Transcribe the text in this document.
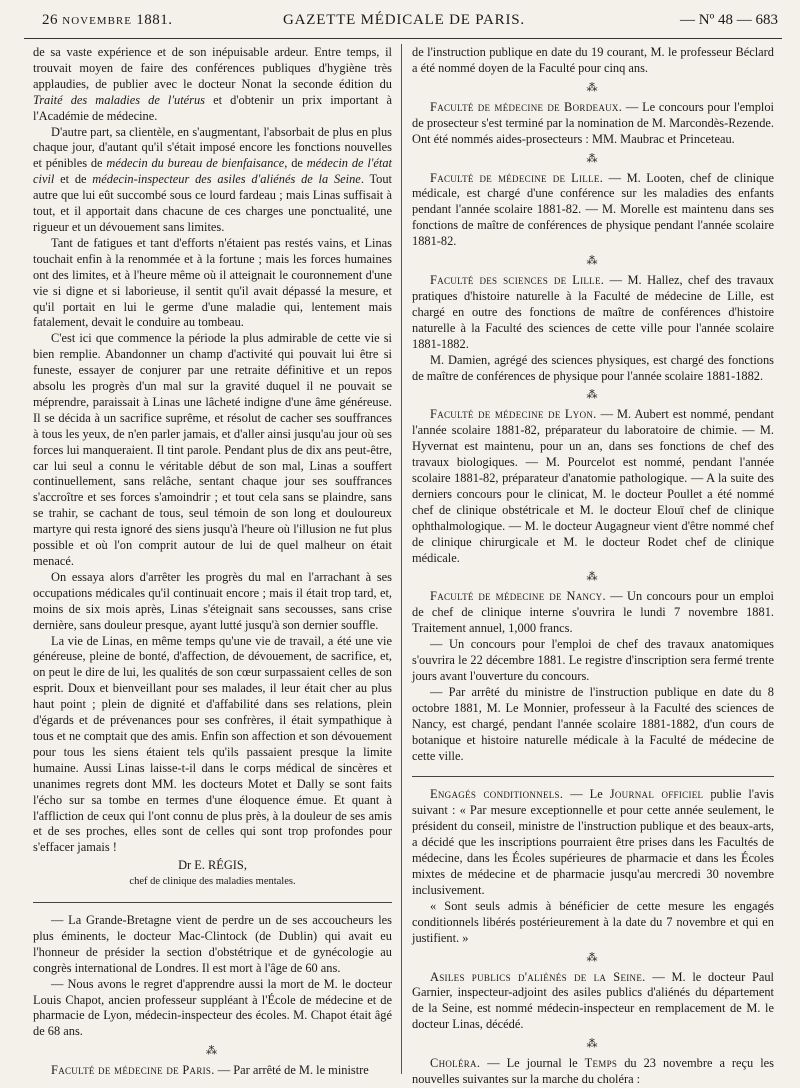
26 NOVEMBRE 1881.	GAZETTE MÉDICALE DE PARIS.	— Nº 48 — 683

de sa vaste expérience et de son inépuisable ardeur. Entre temps, il trouvait moyen de faire des conférences publiques d'hygiène très applaudies, de publier avec le docteur Nonat la seconde édition du Traité des maladies de l'utérus et d'obtenir un prix important à l'Académie de médecine.

D'autre part, sa clientèle, en s'augmentant, l'absorbait de plus en plus chaque jour, d'autant qu'il s'était imposé encore les fonctions nouvelles et pénibles de médecin du bureau de bienfaisance, de médecin de l'état civil et de médecin-inspecteur des asiles d'aliénés de la Seine. Tout autre que lui eût succombé sous ce lourd fardeau ; mais Linas suffisait à tout, et il apportait dans chacune de ces charges une ponctualité, une rigueur et un dévouement sans limites.

Tant de fatigues et tant d'efforts n'étaient pas restés vains, et Linas touchait enfin à la renommée et à la fortune ; mais les forces humaines ont des limites, et à l'heure même où il atteignait le couronnement d'une vie si digne et si laborieuse, il sentit qu'il avait dépassé la mesure, et qu'il portait en lui le germe d'une maladie qui, lentement mais fatalement, devait le conduire au tombeau.

C'est ici que commence la période la plus admirable de cette vie si bien remplie. Abandonner un champ d'activité qui pouvait lui être si funeste, essayer de conjurer par une retraite définitive et un repos absolu les progrès d'un mal sur la gravité duquel il ne pouvait se méprendre, paraissait à Linas une lâcheté indigne d'une âme généreuse. Il se décida à un sacrifice suprême, et résolut de cacher ses souffrances à tous les yeux, de n'en parler jamais, et d'aller ainsi jusqu'au jour où ses forces lui manqueraient. Il tint parole. Pendant plus de dix ans peut-être, car lui seul a connu le véritable début de son mal, Linas a souffert continuellement, sans relâche, sentant chaque jour ses souffrances s'accroître et ses forces s'amoindrir ; et tout cela sans se plaindre, sans se trahir, se cachant de tous, seul témoin de son long et douloureux martyre qui resta ignoré des siens jusqu'à l'heure où l'illusion ne fut plus possible et où l'on comprit autour de lui de quel malheur on était menacé.

On essaya alors d'arrêter les progrès du mal en l'arrachant à ses occupations médicales qu'il continuait encore ; mais il était trop tard, et, moins de six mois après, Linas s'éteignait sans secousses, sans crise dernière, sans douleur presque, ayant lutté jusqu'à son dernier souffle.

La vie de Linas, en même temps qu'une vie de travail, a été une vie généreuse, pleine de bonté, d'affection, de dévouement, de sacrifice, et, on peut le dire de lui, les qualités de son cœur surpassaient celles de son esprit. Doux et bienveillant pour ses malades, il leur était cher au plus haut point ; plein de dignité et d'affabilité dans ses relations, plein d'égards et de prévenances pour ses confrères, il était sympathique à tous et ne comptait que des amis. Enfin son affection et son dévouement pour tous les siens étaient tels qu'ils passaient presque la limite humaine. Aussi Linas laisse-t-il dans le corps médical de sincères et unanimes regrets dont MM. les docteurs Motet et Dally se sont faits l'écho sur sa tombe en termes d'une éloquence émue. Et quant à l'affliction de ceux qui l'ont connu de plus près, à la douleur de ses amis et de ses proches, elles sont de celles qui sont trop profondes pour s'effacer jamais !

Dr E. RÉGIS,
chef de clinique des maladies mentales.

— La Grande-Bretagne vient de perdre un de ses accoucheurs les plus éminents, le docteur Mac-Clintock (de Dublin) qui avait eu l'honneur de présider la section d'obstétrique et de gynécologie au congrès international de Londres. Il est mort à l'âge de 60 ans.

— Nous avons le regret d'apprendre aussi la mort de M. le docteur Louis Chapot, ancien professeur suppléant à l'École de médecine et de pharmacie de Lyon, médecin-inspecteur des écoles. M. Chapot était âgé de 68 ans.

⁂

Faculté de médecine de Paris. — Par arrêté de M. le ministre

de l'instruction publique en date du 19 courant, M. le professeur Béclard a été nommé doyen de la Faculté pour cinq ans.

⁂

Faculté de médecine de Bordeaux. — Le concours pour l'emploi de prosecteur s'est terminé par la nomination de M. Marcondès-Rezende. Ont été nommés aides-prosecteurs : MM. Maubrac et Princeteau.

⁂

Faculté de médecine de Lille. — M. Looten, chef de clinique médicale, est chargé d'une conférence sur les maladies des enfants pendant l'année scolaire 1881-82. — M. Morelle est maintenu dans ses fonctions de maître de conférences de physique pendant l'année scolaire 1881-82.

⁂

Faculté des sciences de Lille. — M. Hallez, chef des travaux pratiques d'histoire naturelle à la Faculté de médecine de Lille, est chargé en outre des fonctions de maître de conférences d'histoire naturelle à la Faculté des sciences de cette ville pour l'année scolaire 1881-1882.

M. Damien, agrégé des sciences physiques, est chargé des fonctions de maître de conférences de physique pour l'année scolaire 1881-1882.

⁂

Faculté de médecine de Lyon. — M. Aubert est nommé, pendant l'année scolaire 1881-82, préparateur du laboratoire de chimie. — M. Hyvernat est maintenu, pour un an, dans ses fonctions de chef des travaux biologiques. — M. Pourcelot est nommé, pendant l'année scolaire 1881-82, préparateur d'anatomie pathologique. — A la suite des derniers concours pour le clinicat, M. le docteur Poullet a été nommé chef de clinique obstétricale et M. le docteur Elouï chef de clinique ophthalmologique. — M. le docteur Augagneur vient d'être nommé chef de clinique chirurgicale et M. le docteur Rodet chef de clinique médicale.

⁂

Faculté de médecine de Nancy. — Un concours pour un emploi de chef de clinique interne s'ouvrira le lundi 7 novembre 1881. Traitement annuel, 1,000 francs.

— Un concours pour l'emploi de chef des travaux anatomiques s'ouvrira le 22 décembre 1881. Le registre d'inscription sera fermé trente jours avant l'ouverture du concours.

— Par arrêté du ministre de l'instruction publique en date du 8 octobre 1881, M. Le Monnier, professeur à la Faculté des sciences de Nancy, est chargé, pendant l'année scolaire 1881-1882, d'un cours de botanique et histoire naturelle médicale à la Faculté de médecine de cette ville.

Engagés conditionnels. — Le Journal officiel publie l'avis suivant : « Par mesure exceptionnelle et pour cette année seulement, le président du conseil, ministre de l'instruction publique et des beaux-arts, a décidé que les inscriptions pourraient être prises dans les Facultés de médecine, dans les Écoles supérieures de pharmacie et dans les Écoles mixtes de médecine et de pharmacie jusqu'au mercredi 30 novembre inclusivement.

« Sont seuls admis à bénéficier de cette mesure les engagés conditionnels libérés postérieurement à la date du 7 novembre et qui en justifient. »

⁂

Asiles publics d'aliénés de la Seine. — M. le docteur Paul Garnier, inspecteur-adjoint des asiles publics d'aliénés du département de la Seine, est nommé médecin-inspecteur en remplacement de M. le docteur Linas, décédé.

⁂

Choléra. — Le journal le Temps du 23 novembre a reçu les nouvelles suivantes sur la marche du choléra :
